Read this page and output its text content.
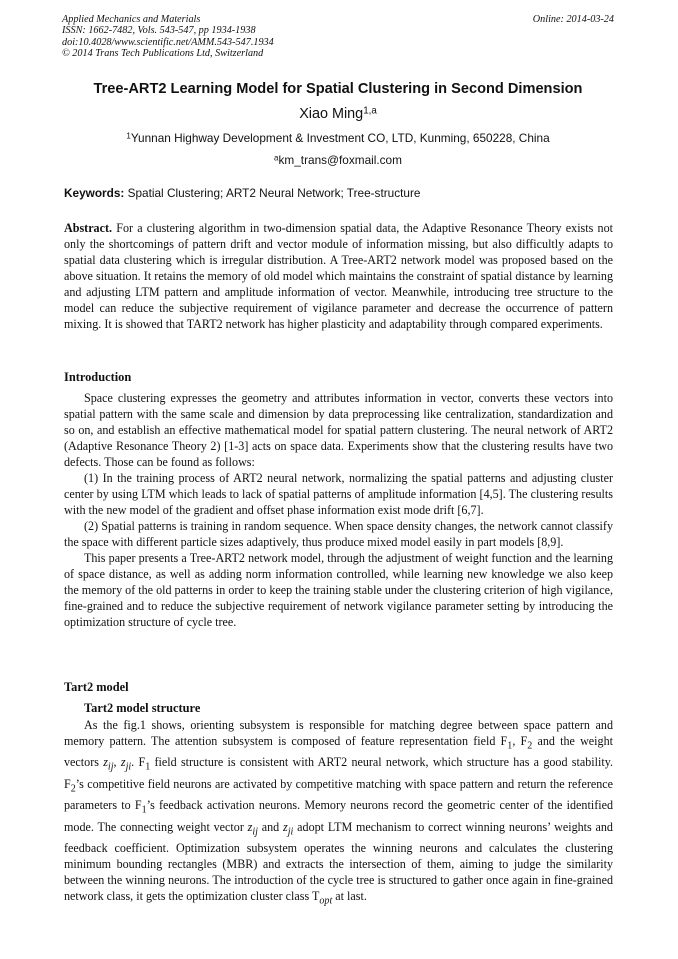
Applied Mechanics and Materials
ISSN: 1662-7482, Vols. 543-547, pp 1934-1938
doi:10.4028/www.scientific.net/AMM.543-547.1934
© 2014 Trans Tech Publications Ltd, Switzerland
Online: 2014-03-24
Tree-ART2 Learning Model for Spatial Clustering in Second Dimension
Xiao Ming$^{1,a}$
$^1$Yunnan Highway Development & Investment CO, LTD, Kunming, 650228, China
$^a$km_trans@foxmail.com
Keywords: Spatial Clustering; ART2 Neural Network; Tree-structure

Abstract. For a clustering algorithm in two-dimension spatial data, the Adaptive Resonance Theory exists not only the shortcomings of pattern drift and vector module of information missing, but also difficultly adapts to spatial data clustering which is irregular distribution. A Tree-ART2 network model was proposed based on the above situation. It retains the memory of old model which maintains the constraint of spatial distance by learning and adjusting LTM pattern and amplitude information of vector. Meanwhile, introducing tree structure to the model can reduce the subjective requirement of vigilance parameter and decrease the occurrence of pattern mixing. It is showed that TART2 network has higher plasticity and adaptability through compared experiments.

Introduction

Space clustering expresses the geometry and attributes information in vector, converts these vectors into spatial pattern with the same scale and dimension by data preprocessing like centralization, standardization and so on, and establish an effective mathematical model for spatial pattern clustering. The neural network of ART2 (Adaptive Resonance Theory 2) [1-3] acts on space data. Experiments show that the clustering results have two defects. Those can be found as follows:

(1) In the training process of ART2 neural network, normalizing the spatial patterns and adjusting cluster center by using LTM which leads to lack of spatial patterns of amplitude information [4,5]. The clustering results with the new model of the gradient and offset phase information exist mode drift [6,7].

(2) Spatial patterns is training in random sequence. When space density changes, the network cannot classify the space with different particle sizes adaptively, thus produce mixed model easily in part models [8,9].

This paper presents a Tree-ART2 network model, through the adjustment of weight function and the learning of space distance, as well as adding norm information controlled, while learning new knowledge we also keep the memory of the old patterns in order to keep the training stable under the clustering criterion of high vigilance, fine-grained and to reduce the subjective requirement of network vigilance parameter setting by introducing the optimization structure of cycle tree.

Tart2 model
Tart2 model structure

As the fig.1 shows, orienting subsystem is responsible for matching degree between space pattern and memory pattern. The attention subsystem is composed of feature representation field $F_1$, $F_2$ and the weight vectors $z_{ij}$, $z_{ji}$. $F_1$ field structure is consistent with ART2 neural network, which structure has a good stability. $F_2’s$ competitive field neurons are activated by competitive matching with space pattern and return the reference parameters to $F_1’s$ feedback activation neurons. Memory neurons record the geometric center of the identified mode. The connecting weight vector $z_{ij}$ and $z_{ji}$ adopt LTM mechanism to correct winning neurons’ weights and feedback coefficient. Optimization subsystem operates the winning neurons and calculates the clustering minimum bounding rectangles (MBR) and extracts the intersection of them, aiming to judge the similarity between the winning neurons. The introduction of the cycle tree is structured to gather once again in fine-grained network class, it gets the optimization cluster class $T_{opt}$ at last.
